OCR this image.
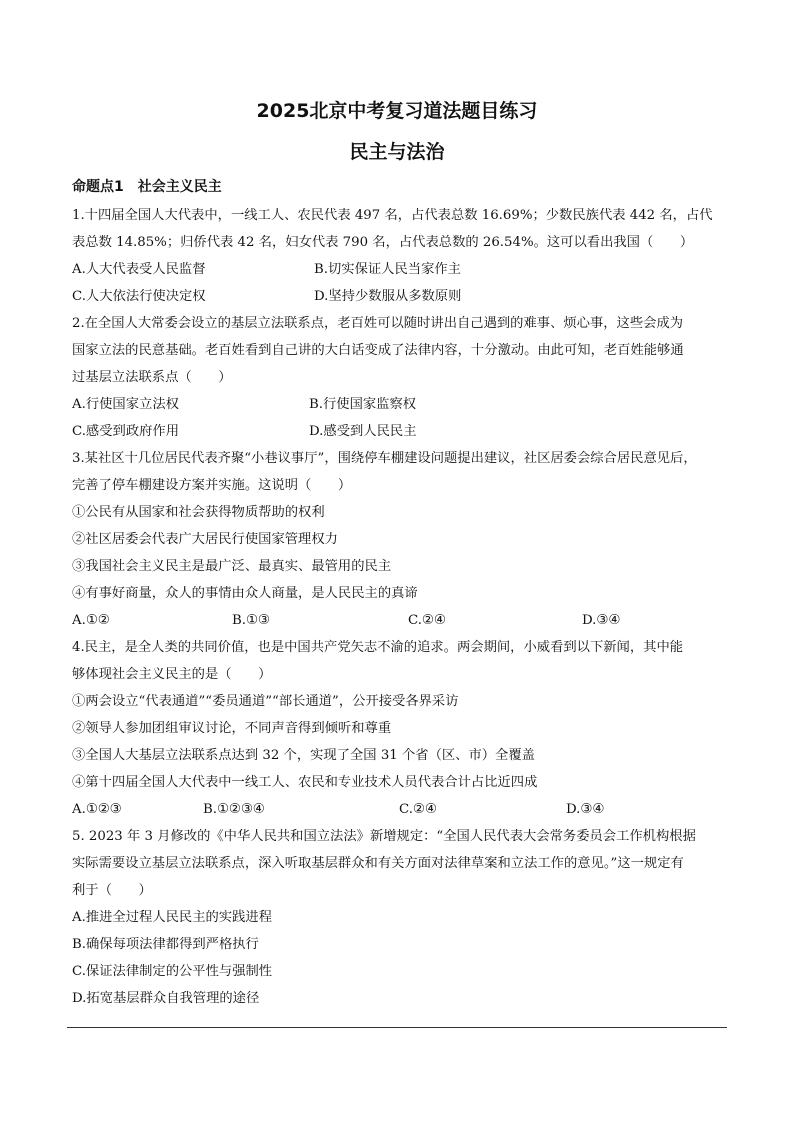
2025北京中考复习道法题目练习
民主与法治
命题点1　社会主义民主
1.十四届全国人大代表中，一线工人、农民代表 497 名，占代表总数 16.69%；少数民族代表 442 名，占代
表总数 14.85%；归侨代表 42 名，妇女代表 790 名，占代表总数的 26.54%。这可以看出我国（　　）
A.人大代表受人民监督	B.切实保证人民当家作主
C.人大依法行使决定权	D.坚持少数服从多数原则
2.在全国人大常委会设立的基层立法联系点，老百姓可以随时讲出自己遇到的难事、烦心事，这些会成为
国家立法的民意基础。老百姓看到自己讲的大白话变成了法律内容，十分激动。由此可知，老百姓能够通
过基层立法联系点（　　）
A.行使国家立法权	B.行使国家监察权
C.感受到政府作用	D.感受到人民民主
3.某社区十几位居民代表齐聚“小巷议事厅”，围绕停车棚建设问题提出建议，社区居委会综合居民意见后，
完善了停车棚建设方案并实施。这说明（　　）
①公民有从国家和社会获得物质帮助的权利
②社区居委会代表广大居民行使国家管理权力
③我国社会主义民主是最广泛、最真实、最管用的民主
④有事好商量，众人的事情由众人商量，是人民民主的真谛
A.①②	B.①③	C.②④	D.③④
4.民主，是全人类的共同价值，也是中国共产党矢志不渝的追求。两会期间，小威看到以下新闻，其中能
够体现社会主义民主的是（　　）
①两会设立“代表通道”“委员通道”“部长通道”，公开接受各界采访
②领导人参加团组审议讨论，不同声音得到倾听和尊重
③全国人大基层立法联系点达到 32 个，实现了全国 31 个省（区、市）全覆盖
④第十四届全国人大代表中一线工人、农民和专业技术人员代表合计占比近四成
A.①②③	B.①②③④	C.②④	D.③④
5. 2023 年 3 月修改的《中华人民共和国立法法》新增规定：“全国人民代表大会常务委员会工作机构根据
实际需要设立基层立法联系点，深入听取基层群众和有关方面对法律草案和立法工作的意见。”这一规定有
利于（　　）
A.推进全过程人民民主的实践进程
B.确保每项法律都得到严格执行
C.保证法律制定的公平性与强制性
D.拓宽基层群众自我管理的途径
